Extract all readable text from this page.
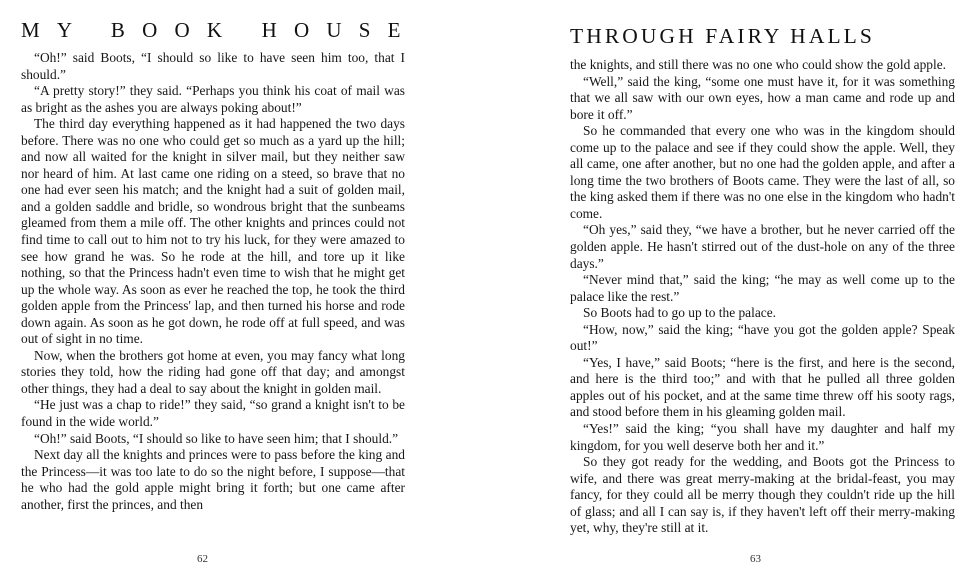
MY BOOK HOUSE

“Oh!” said Boots, “I should so like to have seen him too, that I should.”

“A pretty story!” they said. “Perhaps you think his coat of mail was as bright as the ashes you are always poking about!”

The third day everything happened as it had happened the two days before. There was no one who could get so much as a yard up the hill; and now all waited for the knight in silver mail, but they neither saw nor heard of him. At last came one riding on a steed, so brave that no one had ever seen his match; and the knight had a suit of golden mail, and a golden saddle and bridle, so wondrous bright that the sunbeams gleamed from them a mile off. The other knights and princes could not find time to call out to him not to try his luck, for they were amazed to see how grand he was. So he rode at the hill, and tore up it like nothing, so that the Princess hadn't even time to wish that he might get up the whole way. As soon as ever he reached the top, he took the third golden apple from the Princess' lap, and then turned his horse and rode down again. As soon as he got down, he rode off at full speed, and was out of sight in no time.

Now, when the brothers got home at even, you may fancy what long stories they told, how the riding had gone off that day; and amongst other things, they had a deal to say about the knight in golden mail.

“He just was a chap to ride!” they said, “so grand a knight isn't to be found in the wide world.”

“Oh!” said Boots, “I should so like to have seen him; that I should.”

Next day all the knights and princes were to pass before the king and the Princess—it was too late to do so the night before, I suppose—that he who had the gold apple might bring it forth; but one came after another, first the princes, and then

62
THROUGH FAIRY HALLS

the knights, and still there was no one who could show the gold apple.

“Well,” said the king, “some one must have it, for it was something that we all saw with our own eyes, how a man came and rode up and bore it off.”

So he commanded that every one who was in the kingdom should come up to the palace and see if they could show the apple. Well, they all came, one after another, but no one had the golden apple, and after a long time the two brothers of Boots came. They were the last of all, so the king asked them if there was no one else in the kingdom who hadn't come.

“Oh yes,” said they, “we have a brother, but he never carried off the golden apple. He hasn't stirred out of the dust-hole on any of the three days.”

“Never mind that,” said the king; “he may as well come up to the palace like the rest.”

So Boots had to go up to the palace.

“How, now,” said the king; “have you got the golden apple? Speak out!”

“Yes, I have,” said Boots; “here is the first, and here is the second, and here is the third too;” and with that he pulled all three golden apples out of his pocket, and at the same time threw off his sooty rags, and stood before them in his gleaming golden mail.

“Yes!” said the king; “you shall have my daughter and half my kingdom, for you well deserve both her and it.”

So they got ready for the wedding, and Boots got the Princess to wife, and there was great merry-making at the bridal-feast, you may fancy, for they could all be merry though they couldn't ride up the hill of glass; and all I can say is, if they haven't left off their merry-making yet, why, they're still at it.

63
